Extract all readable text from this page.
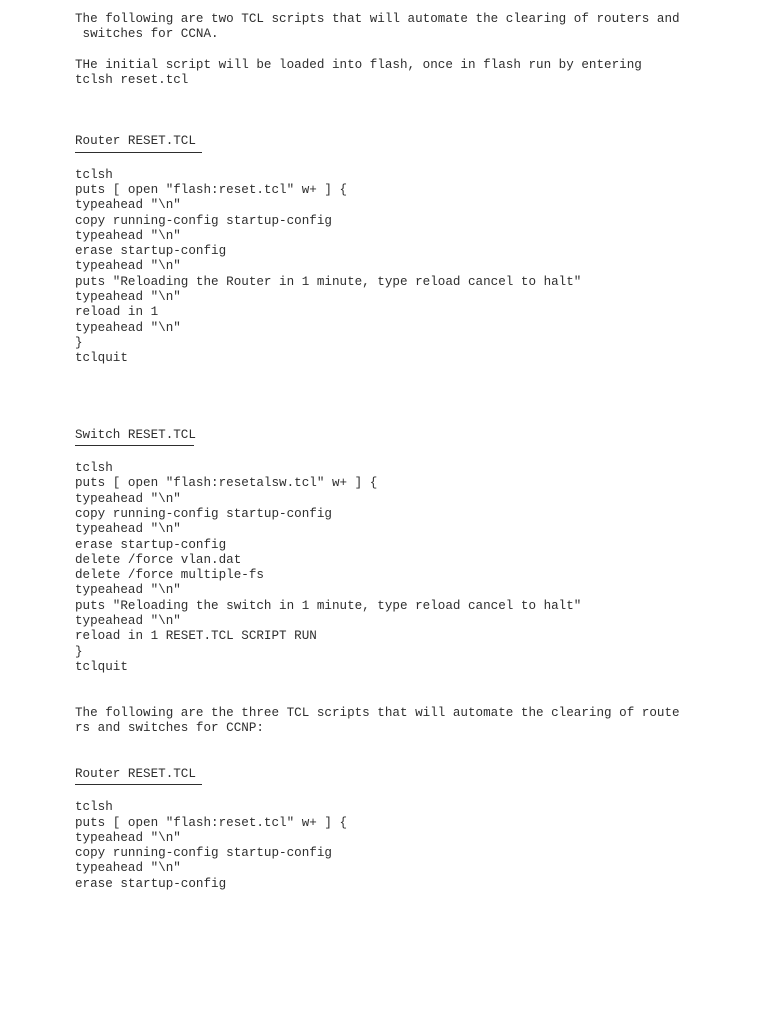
The following are two TCL scripts that will automate the clearing of routers and
switches for CCNA.
THe initial script will be loaded into flash, once in flash run by entering
tclsh reset.tcl
Router RESET.TCL
tclsh
puts [ open "flash:reset.tcl" w+ ] {
typeahead "\n"
copy running-config startup-config
typeahead "\n"
erase startup-config
typeahead "\n"
puts "Reloading the Router in 1 minute, type reload cancel to halt"
typeahead "\n"
reload in 1
typeahead "\n"
}
tclquit
Switch RESET.TCL
tclsh
puts [ open "flash:resetalsw.tcl" w+ ] {
typeahead "\n"
copy running-config startup-config
typeahead "\n"
erase startup-config
delete /force vlan.dat
delete /force multiple-fs
typeahead "\n"
puts "Reloading the switch in 1 minute, type reload cancel to halt"
typeahead "\n"
reload in 1 RESET.TCL SCRIPT RUN
}
tclquit
The following are the three TCL scripts that will automate the clearing of route
rs and switches for CCNP:
Router RESET.TCL
tclsh
puts [ open "flash:reset.tcl" w+ ] {
typeahead "\n"
copy running-config startup-config
typeahead "\n"
erase startup-config
